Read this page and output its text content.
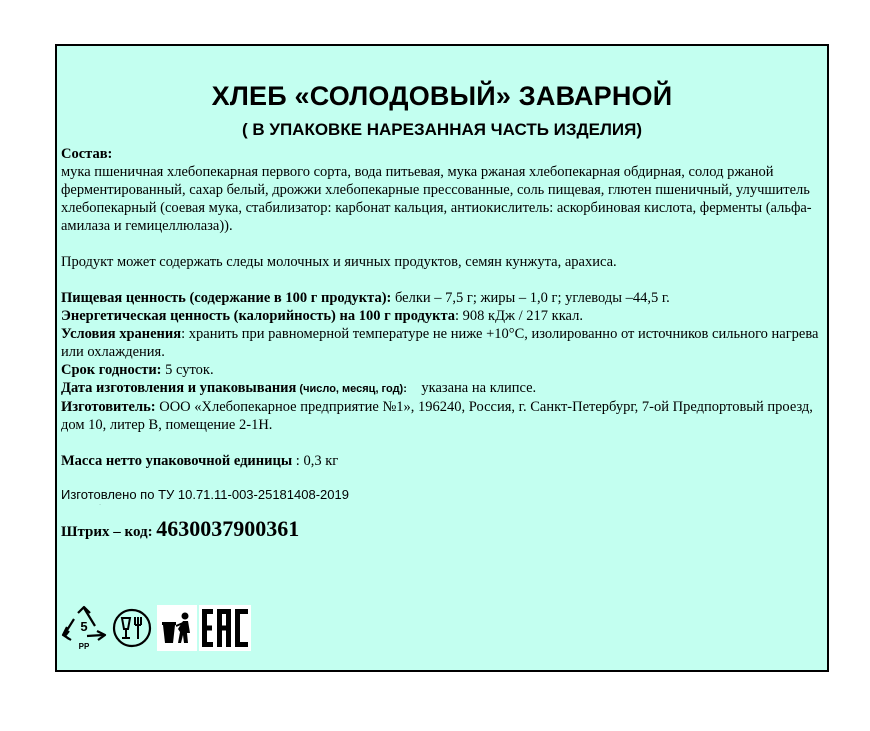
ХЛЕБ «СОЛОДОВЫЙ» ЗАВАРНОЙ
( В УПАКОВКЕ НАРЕЗАННАЯ ЧАСТЬ ИЗДЕЛИЯ)

Состав:

мука пшеничная хлебопекарная первого сорта, вода питьевая, мука ржаная хлебопекарная обдирная, солод ржаной ферментированный, сахар белый, дрожжи хлебопекарные прессованные, соль пищевая, глютен пшеничный, улучшитель хлебопекарный (соевая мука, стабилизатор: карбонат кальция, антиокислитель: аскорбиновая кислота, ферменты (альфа-амилаза и гемицеллюлаза)).

Продукт может содержать следы молочных и яичных продуктов, семян кунжута, арахиса.

Пищевая ценность (содержание в 100 г продукта): белки – 7,5 г; жиры – 1,0 г; углеводы –44,5 г.

Энергетическая ценность (калорийность) на 100 г продукта: 908 кДж / 217 ккал.

Условия хранения: хранить при равномерной температуре не ниже +10°С, изолированно от источников сильного нагрева или охлаждения.

Срок годности: 5 суток.

Дата изготовления и упаковывания (число, месяц, год):    указана на клипсе.

Изготовитель: ООО «Хлебопекарное предприятие №1», 196240, Россия, г. Санкт-Петербург, 7-ой Предпортовый проезд, дом 10, литер В, помещение 2-1Н.

Масса нетто упаковочной единицы : 0,3 кг

Изготовлено по ТУ 10.71.11-003-25181408-2019

Штрих – код: 4630037900361

5
PP
ЕАС
